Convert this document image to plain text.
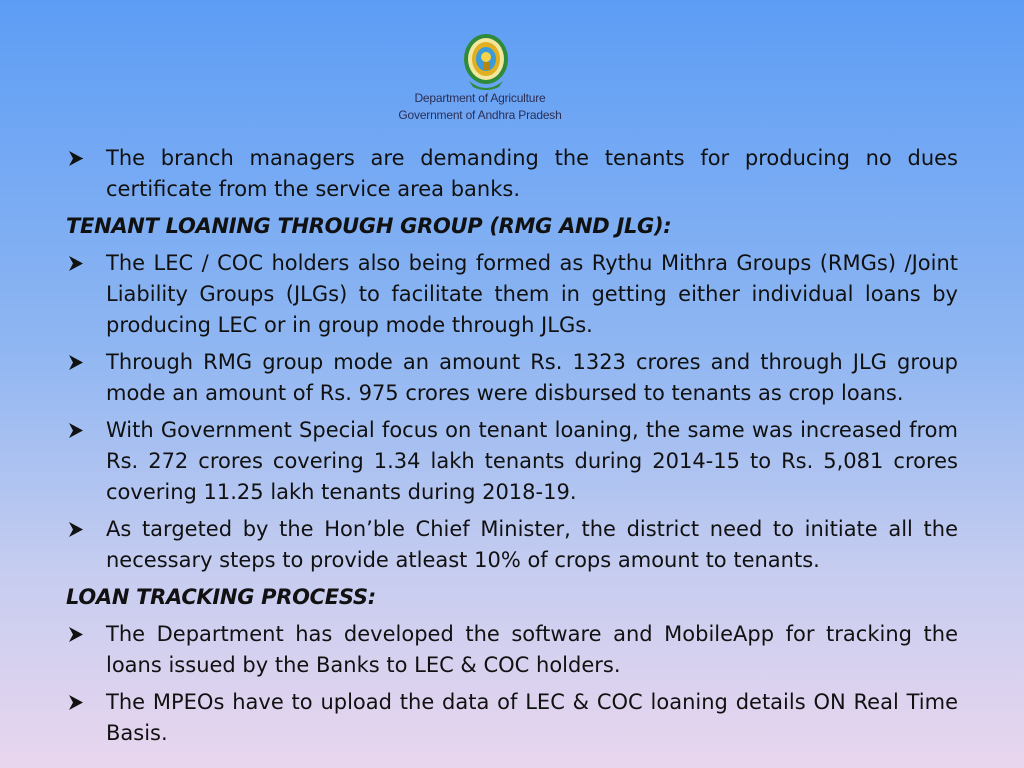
Department of Agriculture
Government of Andhra Pradesh
The branch managers are demanding the tenants for producing no dues certificate from the service area banks.
TENANT LOANING THROUGH GROUP (RMG AND JLG):
The LEC / COC holders also being formed as Rythu Mithra Groups (RMGs) /Joint Liability Groups (JLGs) to facilitate them in getting either individual loans by producing LEC or in group mode through JLGs.
Through RMG group mode an amount Rs. 1323 crores and through JLG group mode an amount of Rs. 975 crores were disbursed to tenants as crop loans.
With Government Special focus on tenant loaning, the same was increased from Rs. 272 crores covering 1.34 lakh tenants during 2014-15 to Rs. 5,081 crores covering 11.25 lakh tenants during 2018-19.
As targeted by the Hon’ble Chief Minister, the district need to initiate all the necessary steps to provide atleast 10% of crops amount to tenants.
LOAN TRACKING PROCESS:
The Department has developed the software and MobileApp for tracking the loans issued by the Banks to LEC & COC holders.
The MPEOs have to upload the data of LEC & COC loaning details ON Real Time Basis.
